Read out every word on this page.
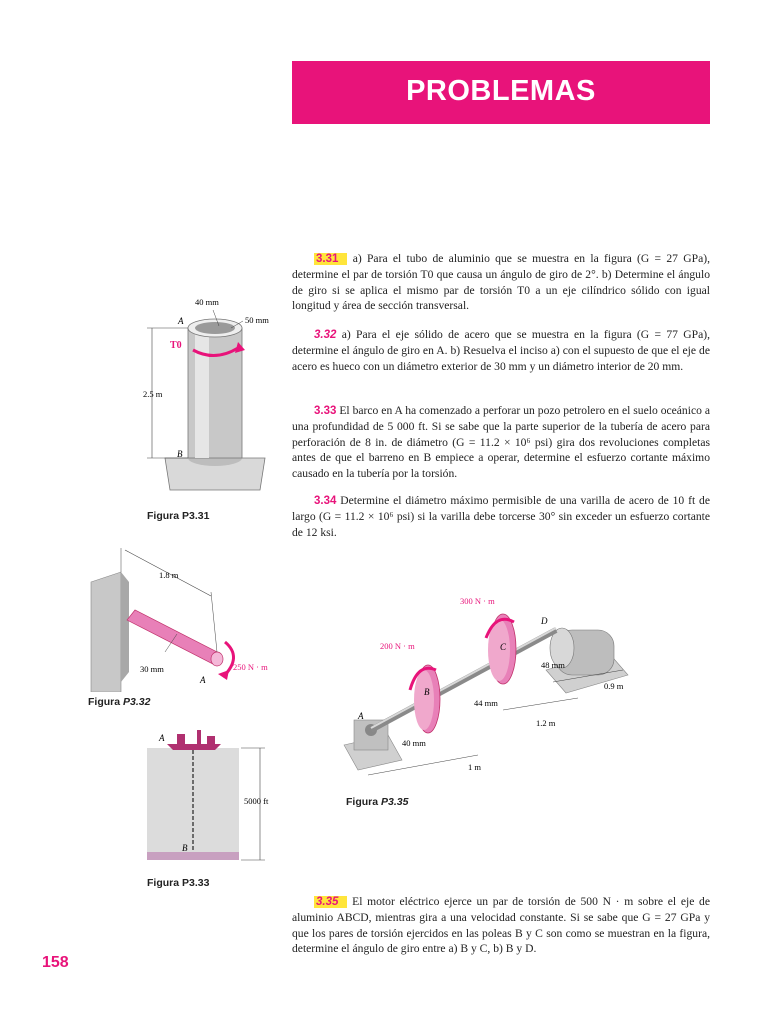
PROBLEMAS

3.31 a) Para el tubo de aluminio que se muestra en la figura (G = 27 GPa), determine el par de torsión T0 que causa un ángulo de giro de 2°. b) Determine el ángulo de giro si se aplica el mismo par de torsión T0 a un eje cilíndrico sólido con igual longitud y área de sección transversal.

3.32 a) Para el eje sólido de acero que se muestra en la figura (G = 77 GPa), determine el ángulo de giro en A. b) Resuelva el inciso a) con el supuesto de que el eje de acero es hueco con un diámetro exterior de 30 mm y un diámetro interior de 20 mm.

3.33 El barco en A ha comenzado a perforar un pozo petrolero en el suelo oceánico a una profundidad de 5 000 ft. Si se sabe que la parte superior de la tubería de acero para perforación de 8 in. de diámetro (G = 11.2 × 10⁶ psi) gira dos revoluciones completas antes de que el barreno en B empiece a operar, determine el esfuerzo cortante máximo causado en la tubería por la torsión.

3.34 Determine el diámetro máximo permisible de una varilla de acero de 10 ft de largo (G = 11.2 × 10⁶ psi) si la varilla debe torcerse 30° sin exceder un esfuerzo cortante de 12 ksi.

3.35 El motor eléctrico ejerce un par de torsión de 500 N · m sobre el eje de aluminio ABCD, mientras gira a una velocidad constante. Si se sabe que G = 27 GPa y que los pares de torsión ejercidos en las poleas B y C son como se muestran en la figura, determine el ángulo de giro entre a) B y C, b) B y D.

40 mm
50 mm
2.5 m
A
B
T0
Figura P3.31
1.8 m
30 mm	250 N · m
A
Figura P3.32
5000 ft
A
B
Figura P3.33
300 N · m
200 N · m
D
C
B
A
48 mm
44 mm
40 mm
0.9 m
1.2 m
1 m
Figura P3.35
158
